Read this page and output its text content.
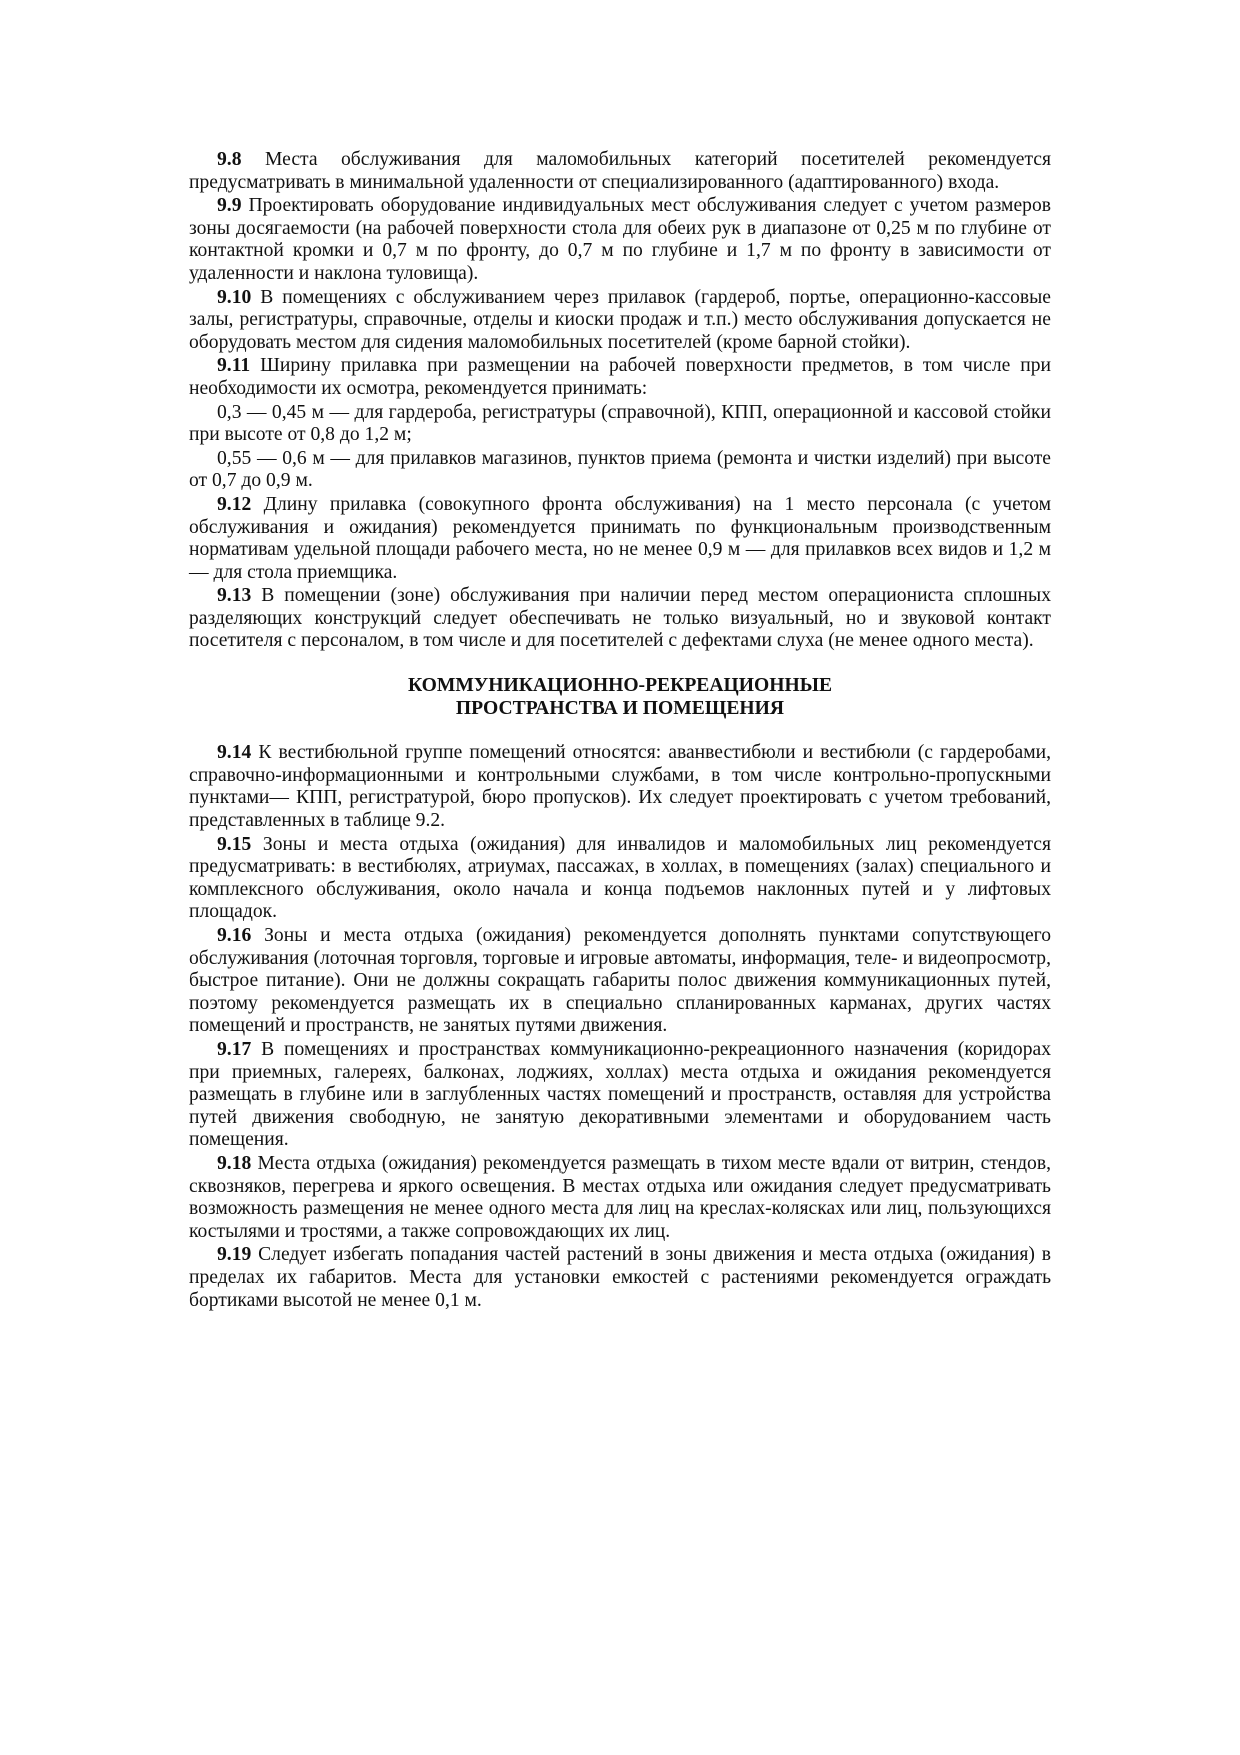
9.8 Места обслуживания для маломобильных категорий посетителей рекомендуется предусматривать в минимальной удаленности от специализированного (адаптированного) входа.

9.9 Проектировать оборудование индивидуальных мест обслуживания следует с учетом размеров зоны досягаемости (на рабочей поверхности стола для обеих рук в диапазоне от 0,25 м по глубине от контактной кромки и 0,7 м по фронту, до 0,7 м по глубине и 1,7 м по фронту в зависимости от удаленности и наклона туловища).

9.10 В помещениях с обслуживанием через прилавок (гардероб, портье, операционно-кассовые залы, регистратуры, справочные, отделы и киоски продаж и т.п.) место обслуживания допускается не оборудовать местом для сидения маломобильных посетителей (кроме барной стойки).

9.11 Ширину прилавка при размещении на рабочей поверхности предметов, в том числе при необходимости их осмотра, рекомендуется принимать:

0,3 — 0,45 м — для гардероба, регистратуры (справочной), КПП, операционной и кассовой стойки при высоте от 0,8 до 1,2 м;

0,55 — 0,6 м — для прилавков магазинов, пунктов приема (ремонта и чистки изделий) при высоте от 0,7 до 0,9 м.

9.12 Длину прилавка (совокупного фронта обслуживания) на 1 место персонала (с учетом обслуживания и ожидания) рекомендуется принимать по функциональным производственным нормативам удельной площади рабочего места, но не менее 0,9 м — для прилавков всех видов и 1,2 м — для стола приемщика.

9.13 В помещении (зоне) обслуживания при наличии перед местом операциониста сплошных разделяющих конструкций следует обеспечивать не только визуальный, но и звуковой контакт посетителя с персоналом, в том числе и для посетителей с дефектами слуха (не менее одного места).

КОММУНИКАЦИОННО-РЕКРЕАЦИОННЫЕ

ПРОСТРАНСТВА И ПОМЕЩЕНИЯ

9.14 К вестибюльной группе помещений относятся: аванвестибюли и вестибюли (с гардеробами, справочно-информационными и контрольными службами, в том числе контрольно-пропускными пунктами— КПП, регистратурой, бюро пропусков). Их следует проектировать с учетом требований, представленных в таблице 9.2.

9.15 Зоны и места отдыха (ожидания) для инвалидов и маломобильных лиц рекомендуется предусматривать: в вестибюлях, атриумах, пассажах, в холлах, в помещениях (залах) специального и комплексного обслуживания, около начала и конца подъемов наклонных путей и у лифтовых площадок.

9.16 Зоны и места отдыха (ожидания) рекомендуется дополнять пунктами сопутствующего обслуживания (лоточная торговля, торговые и игровые автоматы, информация, теле- и видеопросмотр, быстрое питание). Они не должны сокращать габариты полос движения коммуникационных путей, поэтому рекомендуется размещать их в специально спланированных карманах, других частях помещений и пространств, не занятых путями движения.

9.17 В помещениях и пространствах коммуникационно-рекреационного назначения (коридорах при приемных, галереях, балконах, лоджиях, холлах) места отдыха и ожидания рекомендуется размещать в глубине или в заглубленных частях помещений и пространств, оставляя для устройства путей движения свободную, не занятую декоративными элементами и оборудованием часть помещения.

9.18 Места отдыха (ожидания) рекомендуется размещать в тихом месте вдали от витрин, стендов, сквозняков, перегрева и яркого освещения. В местах отдыха или ожидания следует предусматривать возможность размещения не менее одного места для лиц на креслах-колясках или лиц, пользующихся костылями и тростями, а также сопровождающих их лиц.

9.19 Следует избегать попадания частей растений в зоны движения и места отдыха (ожидания) в пределах их габаритов. Места для установки емкостей с растениями рекомендуется ограждать бортиками высотой не менее 0,1 м.
